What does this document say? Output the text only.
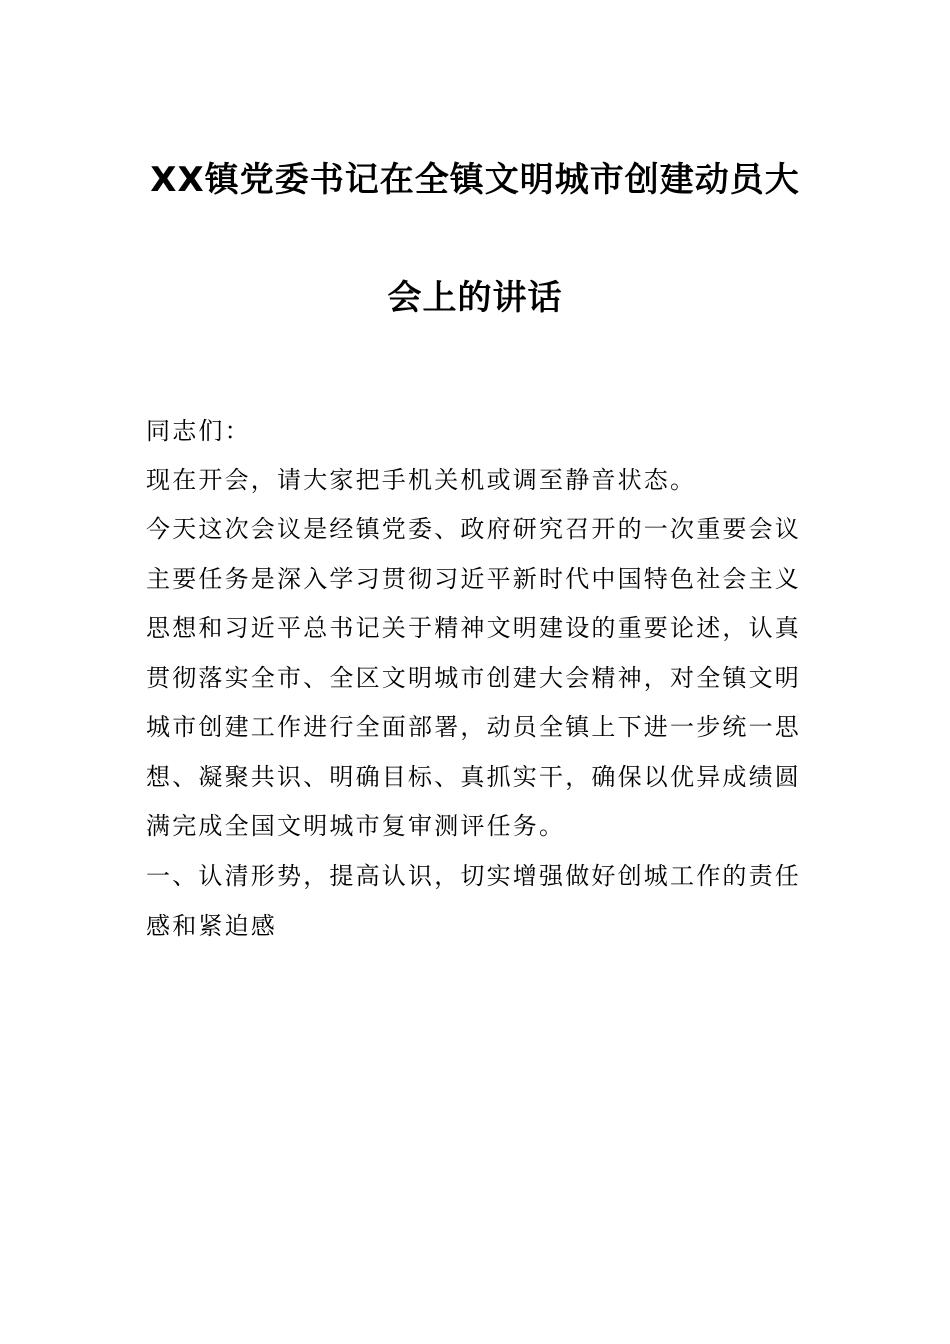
XX镇党委书记在全镇文明城市创建动员大
会上的讲话
同志们：
现在开会，请大家把手机关机或调至静音状态。
今天这次会议是经镇党委、政府研究召开的一次重要会议
主要任务是深入学习贯彻习近平新时代中国特色社会主义
思想和习近平总书记关于精神文明建设的重要论述，认真
贯彻落实全市、全区文明城市创建大会精神，对全镇文明
城市创建工作进行全面部署，动员全镇上下进一步统一思
想、凝聚共识、明确目标、真抓实干，确保以优异成绩圆
满完成全国文明城市复审测评任务。
一、认清形势，提高认识，切实增强做好创城工作的责任
感和紧迫感
